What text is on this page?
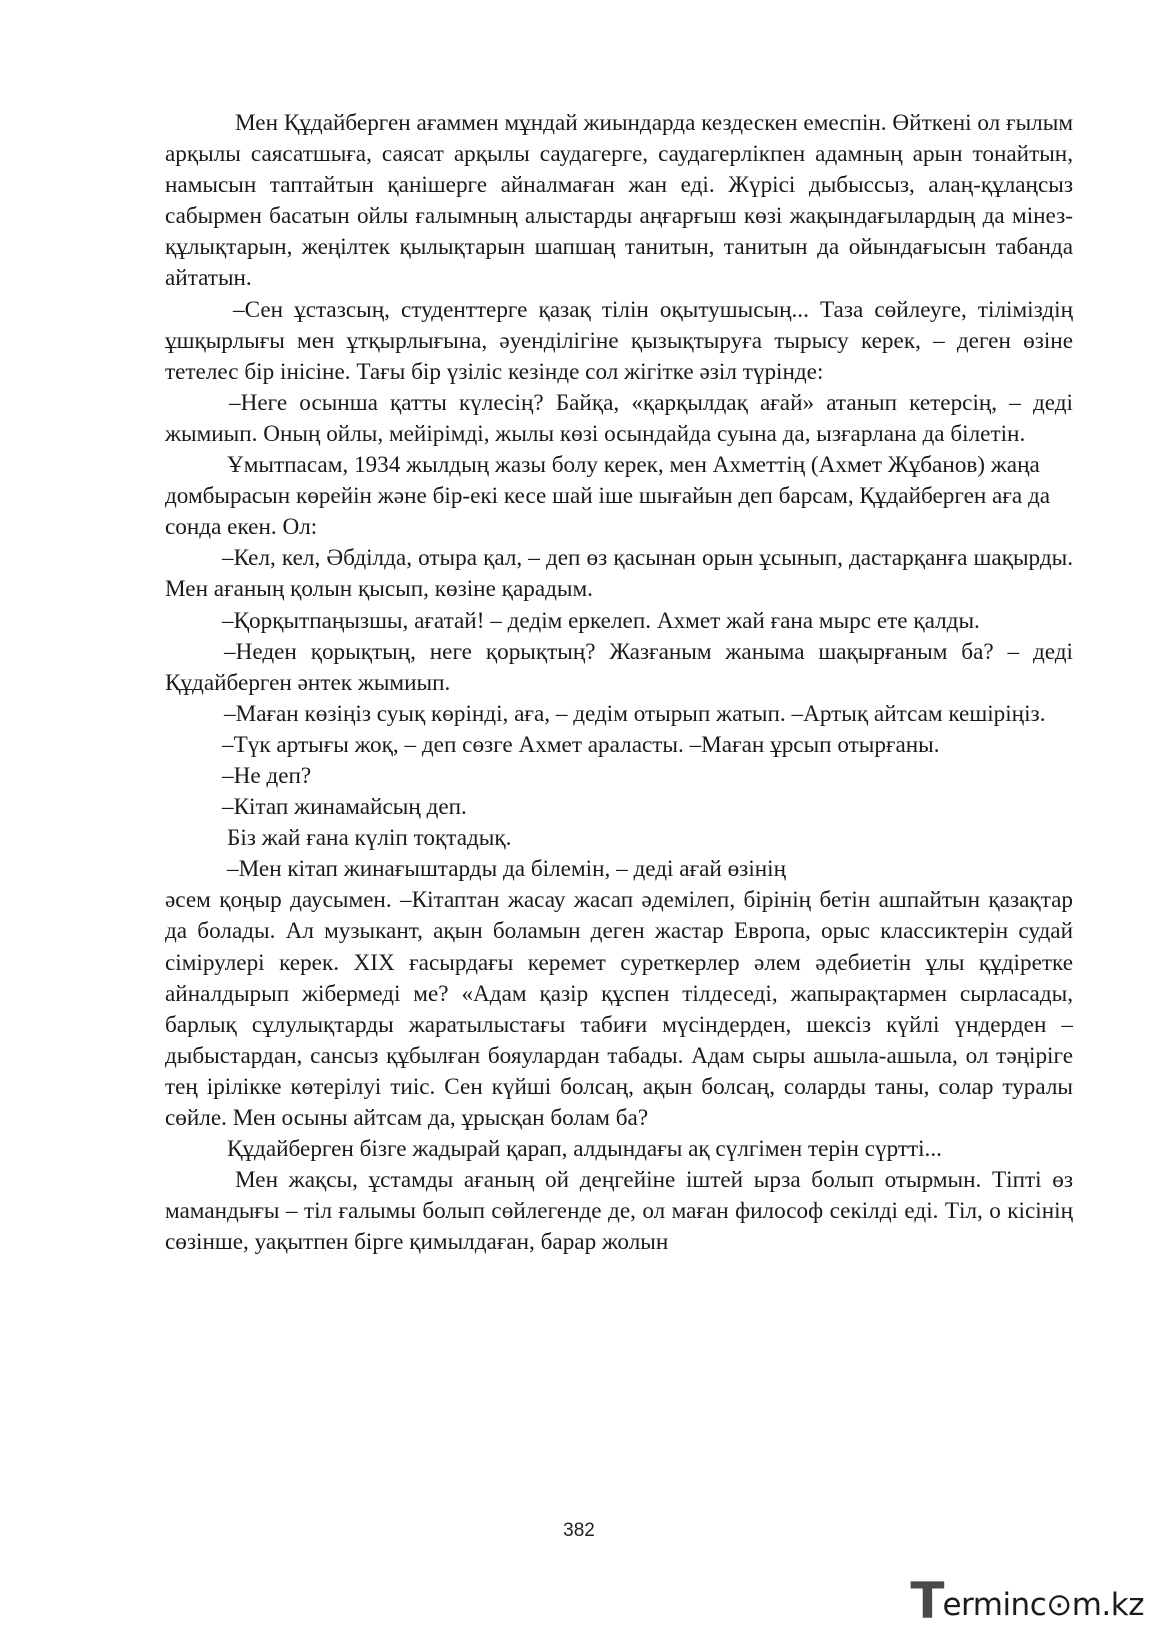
Мен Құдайберген ағаммен мұндай жиындарда кездескен емеспін. Өйткені ол ғылым арқылы саясатшыға, саясат арқылы саудагерге, саудагерлікпен адамның арын тонайтын, намысын таптайтын қанішерге айналмаған жан еді. Жүрісі дыбыссыз, алаң-құлаңсыз сабырмен басатын ойлы ғалымның алыстарды аңғарғыш көзі жақындағылардың да мінез-құлықтарын, жеңілтек қылықтарын шапшаң танитын, танитын да ойындағысын табанда айтатын.

–Сен ұстазсың, студенттерге қазақ тілін оқытушысың... Таза сөйлеуге, тіліміздің ұшқырлығы мен ұтқырлығына, әуенділігіне қызықтыруға тырысу керек, – деген өзіне тетелес бір інісіне. Тағы бір үзіліс кезінде сол жігітке әзіл түрінде:

–Неге осынша қатты күлесің? Байқа, «қарқылдақ ағай» атанып кетерсің, – деді жымиып. Оның ойлы, мейірімді, жылы көзі осындайда суына да, ызғарлана да білетін.

Ұмытпасам, 1934 жылдың жазы болу керек, мен Ахметтің (Ахмет Жұбанов) жаңа домбырасын көрейін және бір-екі кесе шай іше шығайын деп барсам, Құдайберген аға да сонда екен. Ол:

–Кел, кел, Әбділда, отыра қал, – деп өз қасынан орын ұсынып, дастарқанға шақырды. Мен ағаның қолын қысып, көзіне қарадым.

–Қорқытпаңызшы, ағатай! – дедім еркелеп. Ахмет жай ғана мырс ете қалды.

–Неден қорықтың, неге қорықтың? Жазғаным жаныма шақырғаным ба? – деді Құдайберген әнтек жымиып.

–Маған көзіңіз суық көрінді, аға, – дедім отырып жатып. –Артық айтсам кешіріңіз.

–Түк артығы жоқ, – деп сөзге Ахмет араласты. –Маған ұрсып отырғаны.

–Не деп?

–Кітап жинамайсың деп.

Біз жай ғана күліп тоқтадық.

–Мен кітап жинағыштарды да білемін, – деді ағай өзінің

әсем қоңыр даусымен. –Кітаптан жасау жасап әдемілеп, бірінің бетін ашпайтын қазақтар да болады. Ал музыкант, ақын боламын деген жастар Европа, орыс классиктерін судай сімірулері керек. ХІХ ғасырдағы керемет суреткерлер әлем әдебиетін ұлы құдіретке айналдырып жібермеді ме? «Адам қазір құспен тілдеседі, жапырақтармен сырласады, барлық сұлулықтарды жаратылыстағы табиғи мүсіндерден, шексіз күйлі үндерден – дыбыстардан, сансыз құбылған бояулардан табады. Адам сыры ашыла-ашыла, ол тәңіріге тең ірілікке көтерілуі тиіс. Сен күйші болсаң, ақын болсаң, соларды таны, солар туралы сөйле. Мен осыны айтсам да, ұрысқан болам ба?

Құдайберген бізге жадырай қарап, алдындағы ақ сүлгімен терін сүртті...

Мен жақсы, ұстамды ағаның ой деңгейіне іштей ырза болып отырмын. Тіпті өз мамандығы – тіл ғалымы болып сөйлегенде де, ол маған философ секілді еді. Тіл, о кісінің сөзінше, уақытпен бірге қимылдаған, барар жолын

382
T erminc⊙m.kz
